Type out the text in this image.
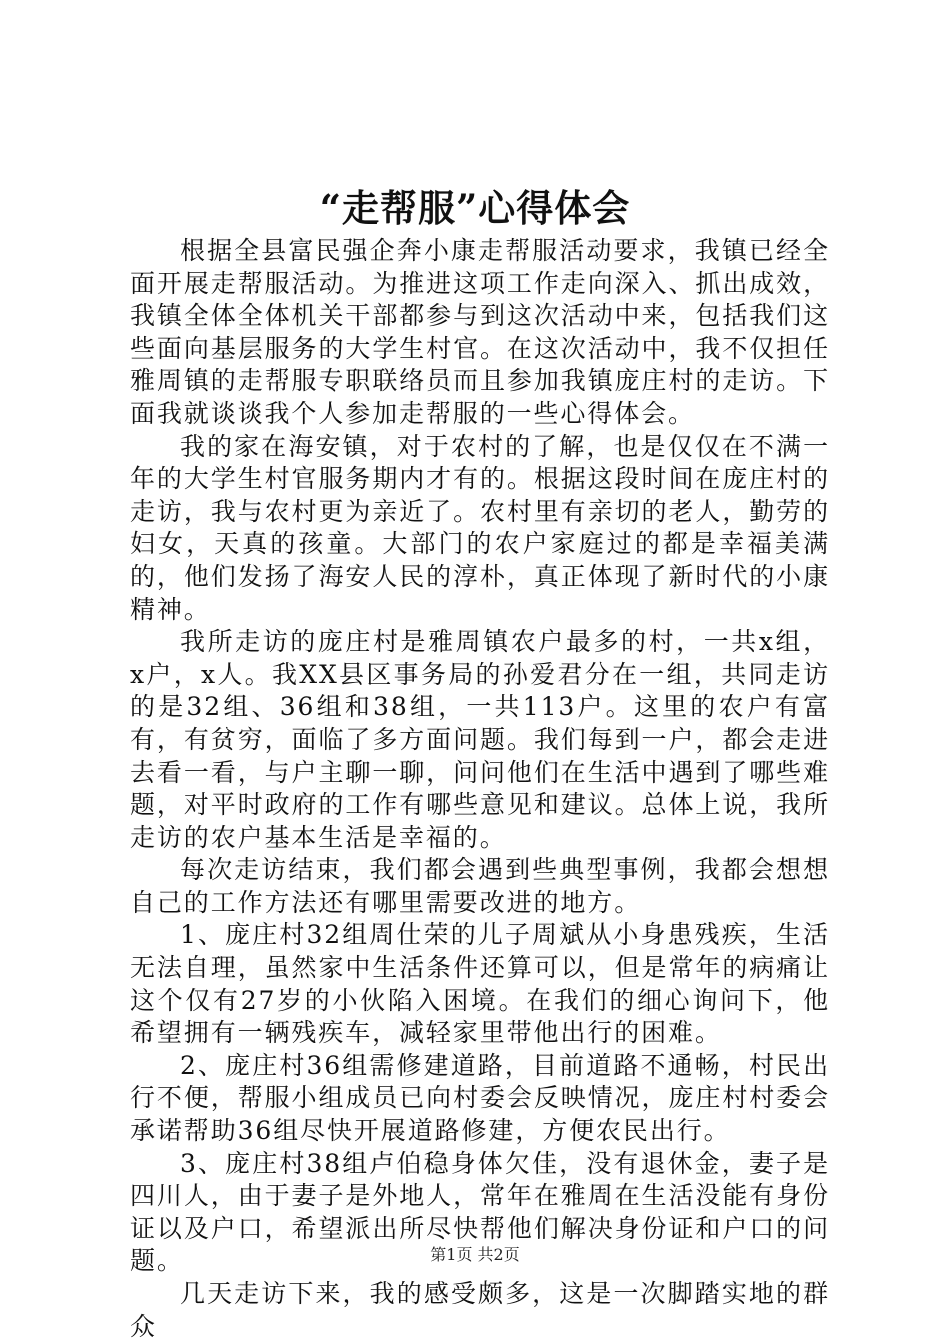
“走帮服”心得体会

根据全县富民强企奔小康走帮服活动要求，我镇已经全面开展走帮服活动。为推进这项工作走向深入、抓出成效，我镇全体全体机关干部都参与到这次活动中来，包括我们这些面向基层服务的大学生村官。在这次活动中，我不仅担任雅周镇的走帮服专职联络员而且参加我镇庞庄村的走访。下面我就谈谈我个人参加走帮服的一些心得体会。

我的家在海安镇，对于农村的了解，也是仅仅在不满一年的大学生村官服务期内才有的。根据这段时间在庞庄村的走访，我与农村更为亲近了。农村里有亲切的老人，勤劳的妇女，天真的孩童。大部门的农户家庭过的都是幸福美满的，他们发扬了海安人民的淳朴，真正体现了新时代的小康精神。

我所走访的庞庄村是雅周镇农户最多的村，一共x组，x户，x人。我XX县区事务局的孙爱君分在一组，共同走访的是32组、36组和38组，一共113户。这里的农户有富有，有贫穷，面临了多方面问题。我们每到一户，都会走进去看一看，与户主聊一聊，问问他们在生活中遇到了哪些难题，对平时政府的工作有哪些意见和建议。总体上说，我所走访的农户基本生活是幸福的。

每次走访结束，我们都会遇到些典型事例，我都会想想自己的工作方法还有哪里需要改进的地方。

1、庞庄村32组周仕荣的儿子周斌从小身患残疾，生活无法自理，虽然家中生活条件还算可以，但是常年的病痛让这个仅有27岁的小伙陷入困境。在我们的细心询问下，他希望拥有一辆残疾车，减轻家里带他出行的困难。

2、庞庄村36组需修建道路，目前道路不通畅，村民出行不便，帮服小组成员已向村委会反映情况，庞庄村村委会承诺帮助36组尽快开展道路修建，方便农民出行。

3、庞庄村38组卢伯稳身体欠佳，没有退休金，妻子是四川人，由于妻子是外地人，常年在雅周在生活没能有身份证以及户口，希望派出所尽快帮他们解决身份证和户口的问题。

几天走访下来，我的感受颇多，这是一次脚踏实地的群众

第1页 共2页
